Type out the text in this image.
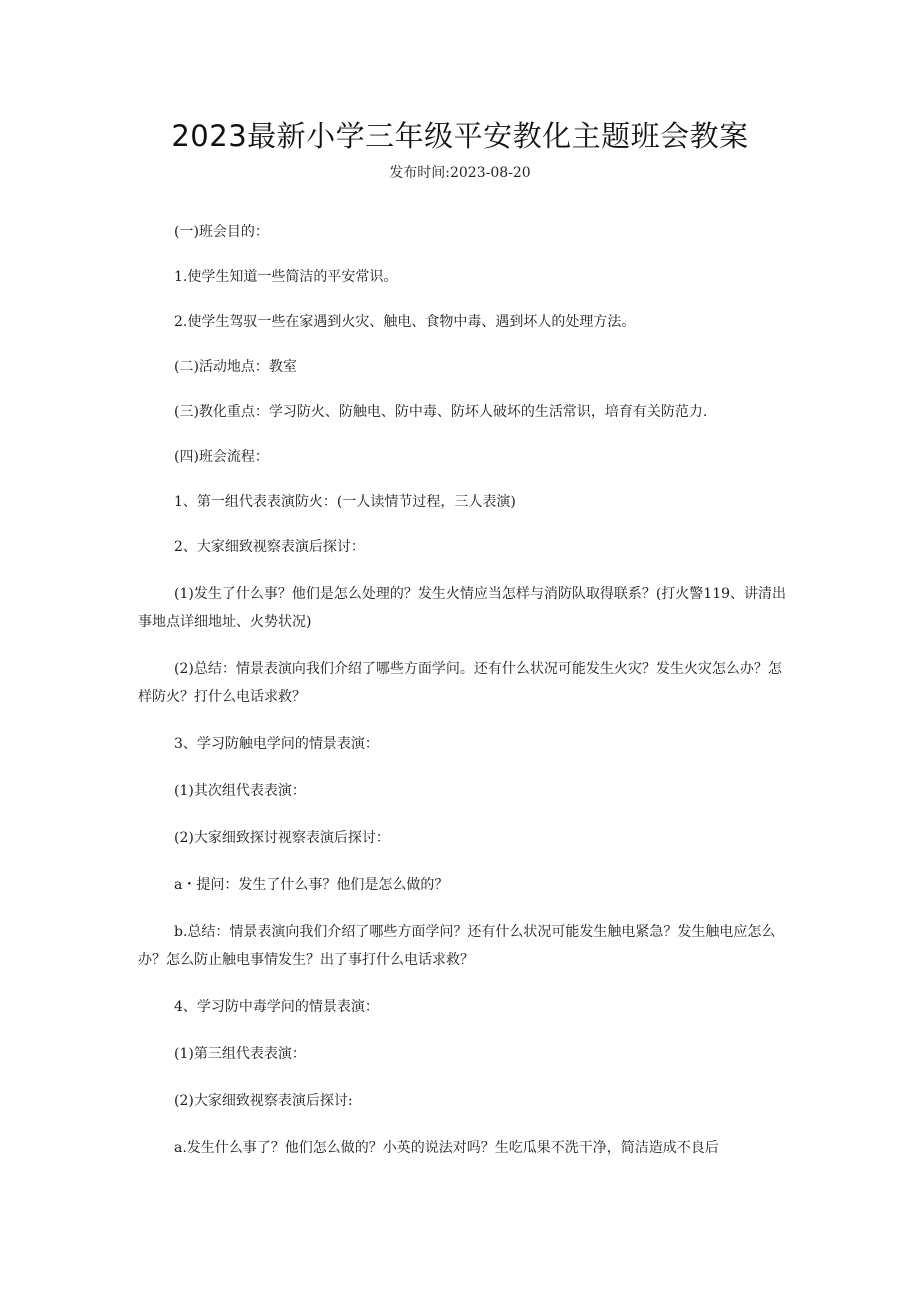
2023最新小学三年级平安教化主题班会教案
发布时间:2023-08-20

(一)班会目的：

1.使学生知道一些简洁的平安常识。

2.使学生驾驭一些在家遇到火灾、触电、食物中毒、遇到坏人的处理方法。

(二)活动地点：教室

(三)教化重点：学习防火、防触电、防中毒、防坏人破坏的生活常识，培育有关防范力.

(四)班会流程：

1、第一组代表表演防火：(一人读情节过程，三人表演)

2、大家细致视察表演后探讨：

(1)发生了什么事？他们是怎么处理的？发生火情应当怎样与消防队取得联系？(打火警119、讲清出事地点详细地址、火势状况)

(2)总结：情景表演向我们介绍了哪些方面学问。还有什么状况可能发生火灾？发生火灾怎么办？怎样防火？打什么电话求救？

3、学习防触电学问的情景表演：

(1)其次组代表表演：

(2)大家细致探讨视察表演后探讨：

a・提问：发生了什么事？他们是怎么做的？

b.总结：情景表演向我们介绍了哪些方面学问？还有什么状况可能发生触电紧急？发生触电应怎么办？怎么防止触电事情发生？出了事打什么电话求救？

4、学习防中毒学问的情景表演：

(1)第三组代表表演：

(2)大家细致视察表演后探讨:

a.发生什么事了？他们怎么做的？小英的说法对吗？生吃瓜果不洗干净，简洁造成不良后
